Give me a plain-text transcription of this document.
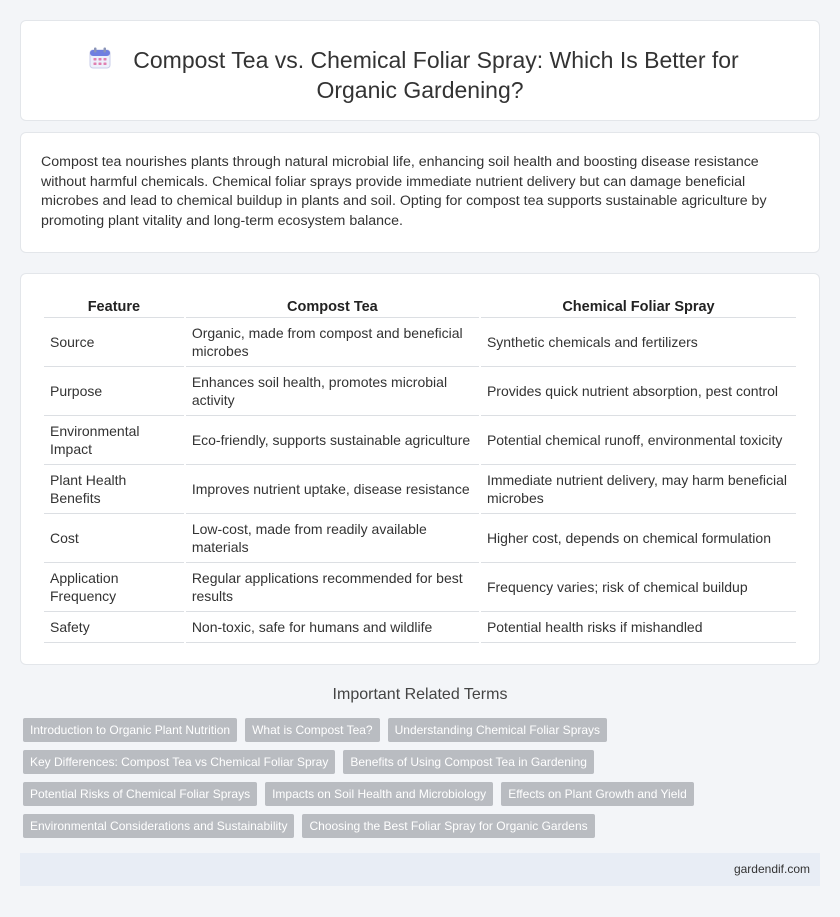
Compost Tea vs. Chemical Foliar Spray: Which Is Better for
Organic Gardening?

Compost tea nourishes plants through natural microbial life, enhancing soil health and boosting disease resistance without harmful chemicals. Chemical foliar sprays provide immediate nutrient delivery but can damage beneficial microbes and lead to chemical buildup in plants and soil. Opting for compost tea supports sustainable agriculture by promoting plant vitality and long-term ecosystem balance.

Feature	Compost Tea	Chemical Foliar Spray
Source	Organic, made from compost and beneficial microbes	Synthetic chemicals and fertilizers
Purpose	Enhances soil health, promotes microbial activity	Provides quick nutrient absorption, pest control
Environmental Impact	Eco-friendly, supports sustainable agriculture	Potential chemical runoff, environmental toxicity
Plant Health Benefits	Improves nutrient uptake, disease resistance	Immediate nutrient delivery, may harm beneficial microbes
Cost	Low-cost, made from readily available materials	Higher cost, depends on chemical formulation
Application Frequency	Regular applications recommended for best results	Frequency varies; risk of chemical buildup
Safety	Non-toxic, safe for humans and wildlife	Potential health risks if mishandled
Important Related Terms
Introduction to Organic Plant Nutrition	What is Compost Tea?	Understanding Chemical Foliar Sprays
Key Differences: Compost Tea vs Chemical Foliar Spray	Benefits of Using Compost Tea in Gardening
Potential Risks of Chemical Foliar Sprays	Impacts on Soil Health and Microbiology	Effects on Plant Growth and Yield
Environmental Considerations and Sustainability	Choosing the Best Foliar Spray for Organic Gardens
gardendif.com
